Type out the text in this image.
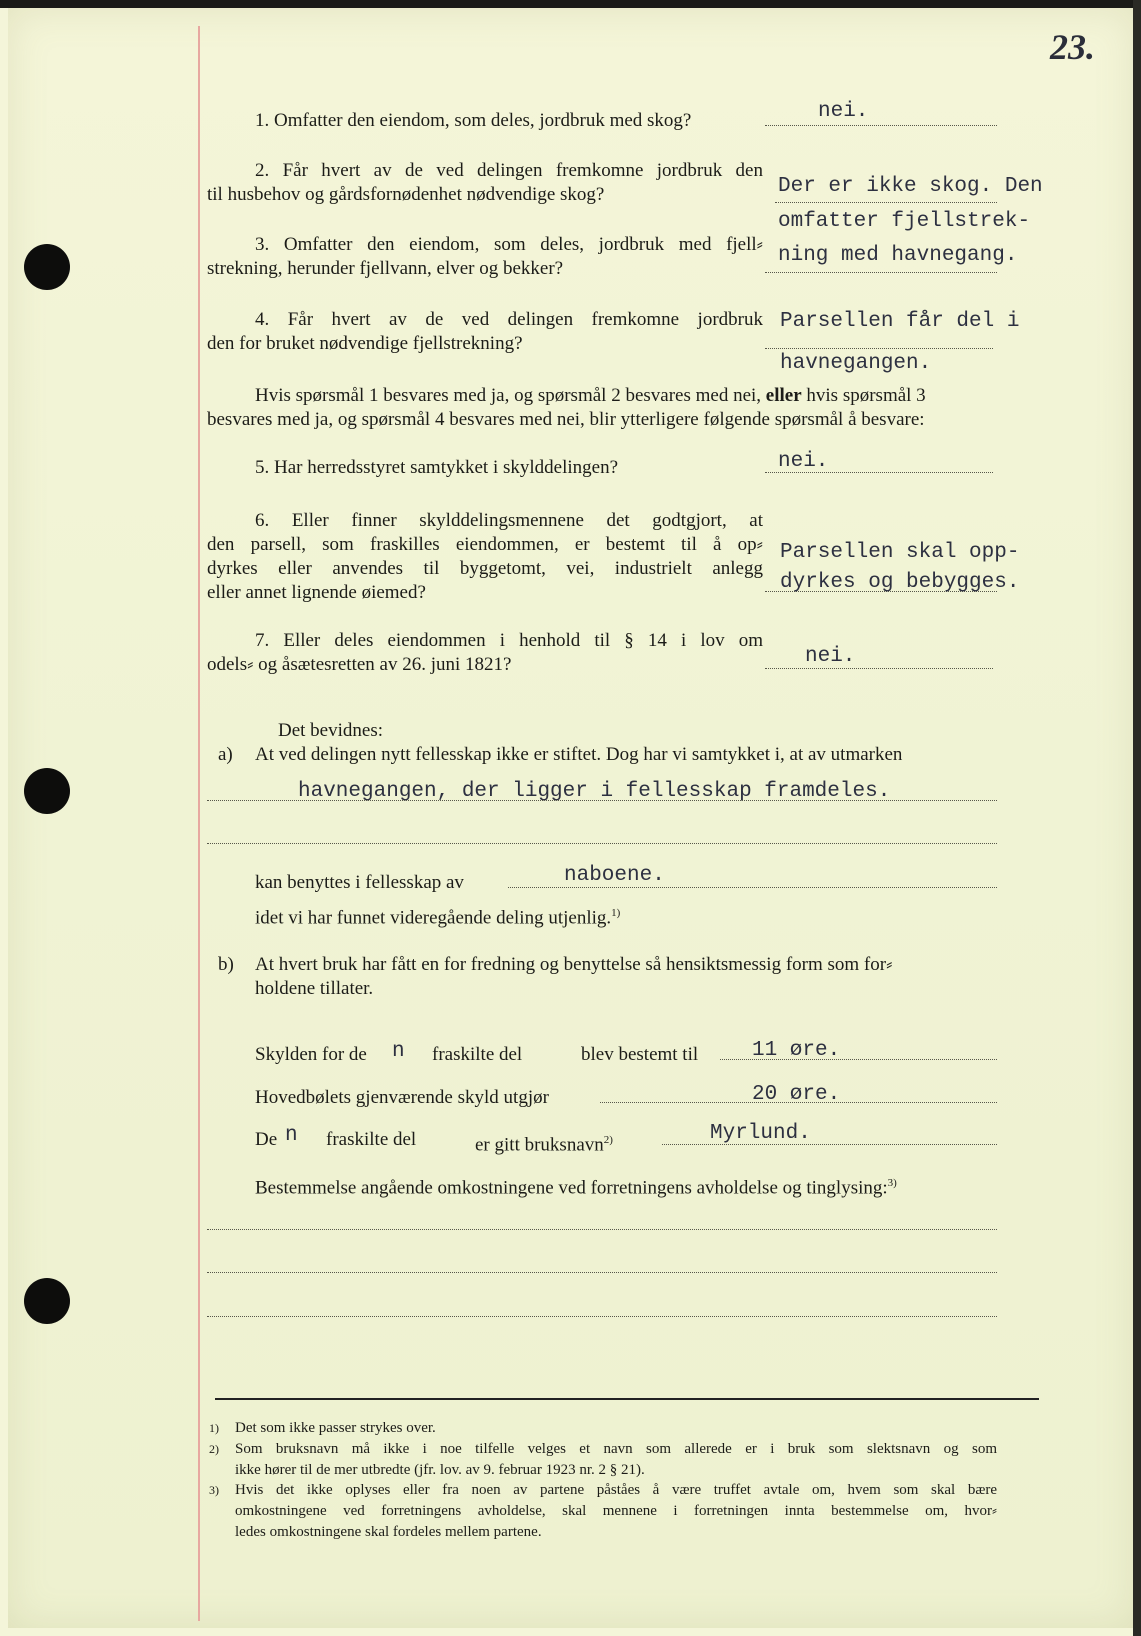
23.
1. Omfatter den eiendom, som deles, jordbruk med skog?	nei.
2. Får hvert av de ved delingen fremkomne jordbruk den
til husbehov og gårdsfornødenhet nødvendige skog?	Der er ikke skog. Den
omfatter fjellstrek-
ning med havnegang.
3. Omfatter den eiendom, som deles, jordbruk med fjell⸗
strekning, herunder fjellvann, elver og bekker?
4. Får hvert av de ved delingen fremkomne jordbruk
den for bruket nødvendige fjellstrekning?
Parsellen får del i
havnegangen.
Hvis spørsmål 1 besvares med ja, og spørsmål 2 besvares med nei, eller hvis spørsmål 3
besvares med ja, og spørsmål 4 besvares med nei, blir ytterligere følgende spørsmål å besvare:
5. Har herredsstyret samtykket i skylddelingen?	nei.
6. Eller finner skylddelingsmennene det godtgjort, at
den parsell, som fraskilles eiendommen, er bestemt til å op⸗
dyrkes eller anvendes til byggetomt, vei, industrielt anlegg
eller annet lignende øiemed?
Parsellen skal opp-
dyrkes og bebygges.
7. Eller deles eiendommen i henhold til § 14 i lov om
odels⸗ og åsætesretten av 26. juni 1821?	nei.
Det bevidnes:
a) At ved delingen nytt fellesskap ikke er stiftet. Dog har vi samtykket i, at av utmarken
havnegangen, der ligger i fellesskap framdeles.
kan benyttes i fellesskap av	naboene.
idet vi har funnet videregående deling utjenlig.$^{1)}$
b) At hvert bruk har fått en for fredning og benyttelse så hensiktsmessig form som for⸗
holdene tillater.
Skylden for de n fraskilte del	blev bestemt til	11 øre.
Hovedbølets gjenværende skyld utgjør	20 øre.
De n fraskilte del	er gitt bruksnavn$^{2)}$	Myrlund.
Bestemmelse angående omkostningene ved forretningens avholdelse og tinglysing:$^{3)}$
1) Det som ikke passer strykes over.
2) Som bruksnavn må ikke i noe tilfelle velges et navn som allerede er i bruk som slektsnavn og som
ikke hører til de mer utbredte (jfr. lov. av 9. februar 1923 nr. 2 § 21).
3) Hvis det ikke oplyses eller fra noen av partene påståes å være truffet avtale om, hvem som skal bære
omkostningene ved forretningens avholdelse, skal mennene i forretningen innta bestemmelse om, hvor⸗
ledes omkostningene skal fordeles mellem partene.
